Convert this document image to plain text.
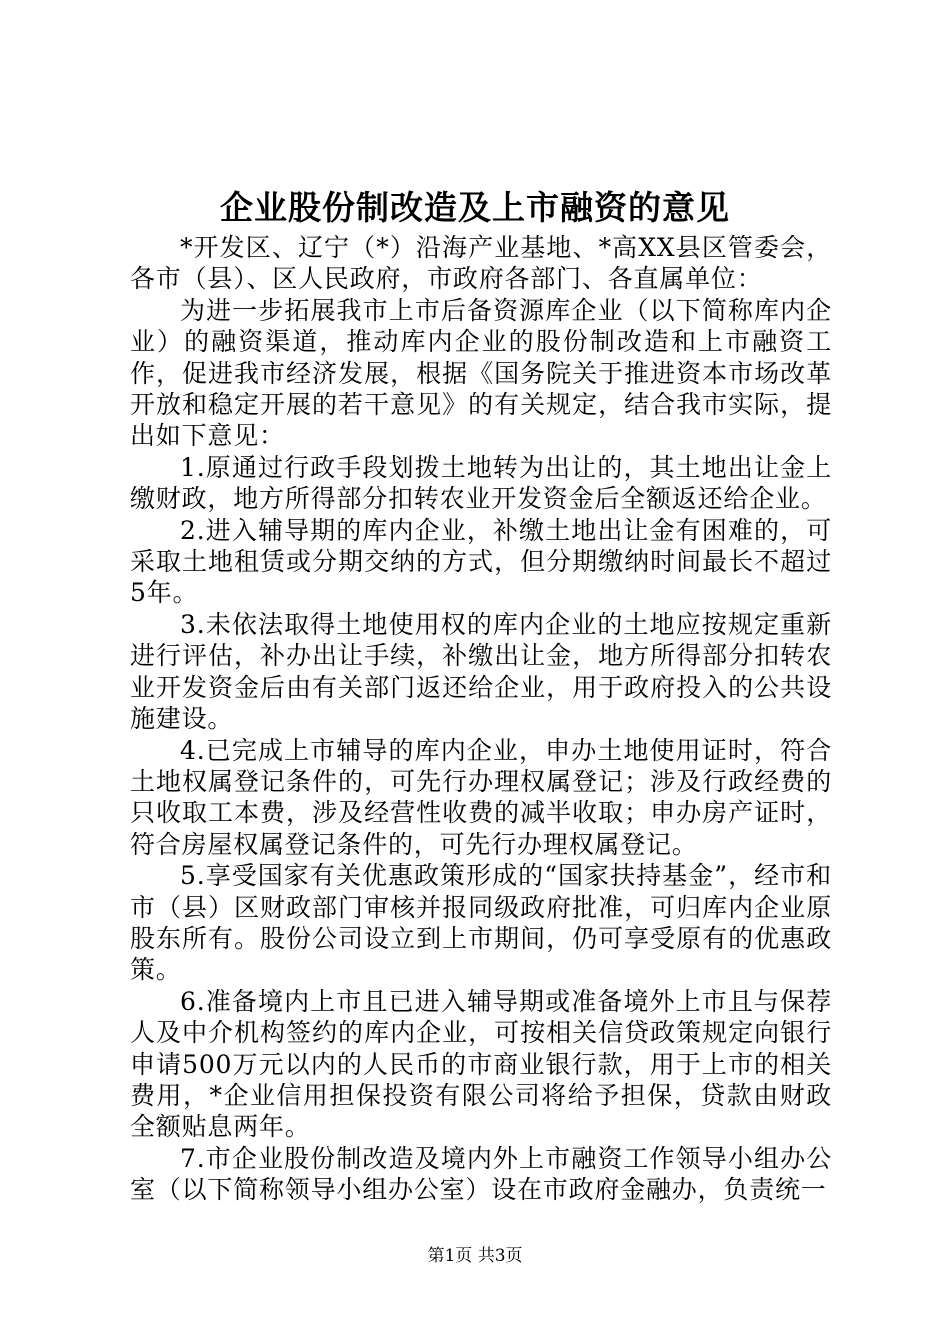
企业股份制改造及上市融资的意见

*开发区、辽宁（*）沿海产业基地、*高XX县区管委会，各市（县）、区人民政府，市政府各部门、各直属单位：

为进一步拓展我市上市后备资源库企业（以下简称库内企业）的融资渠道，推动库内企业的股份制改造和上市融资工作，促进我市经济发展，根据《国务院关于推进资本市场改革开放和稳定开展的若干意见》的有关规定，结合我市实际，提出如下意见：

1.原通过行政手段划拨土地转为出让的，其土地出让金上缴财政，地方所得部分扣转农业开发资金后全额返还给企业。

2.进入辅导期的库内企业，补缴土地出让金有困难的，可采取土地租赁或分期交纳的方式，但分期缴纳时间最长不超过5年。

3.未依法取得土地使用权的库内企业的土地应按规定重新进行评估，补办出让手续，补缴出让金，地方所得部分扣转农业开发资金后由有关部门返还给企业，用于政府投入的公共设施建设。

4.已完成上市辅导的库内企业，申办土地使用证时，符合土地权属登记条件的，可先行办理权属登记；涉及行政经费的只收取工本费，涉及经营性收费的减半收取；申办房产证时，符合房屋权属登记条件的，可先行办理权属登记。

5.享受国家有关优惠政策形成的“国家扶持基金”，经市和市（县）区财政部门审核并报同级政府批准，可归库内企业原股东所有。股份公司设立到上市期间，仍可享受原有的优惠政策。

6.准备境内上市且已进入辅导期或准备境外上市且与保荐人及中介机构签约的库内企业，可按相关信贷政策规定向银行申请500万元以内的人民币的市商业银行款，用于上市的相关费用，*企业信用担保投资有限公司将给予担保，贷款由财政全额贴息两年。

7.市企业股份制改造及境内外上市融资工作领导小组办公室（以下简称领导小组办公室）设在市政府金融办，负责统一

第1页 共3页
